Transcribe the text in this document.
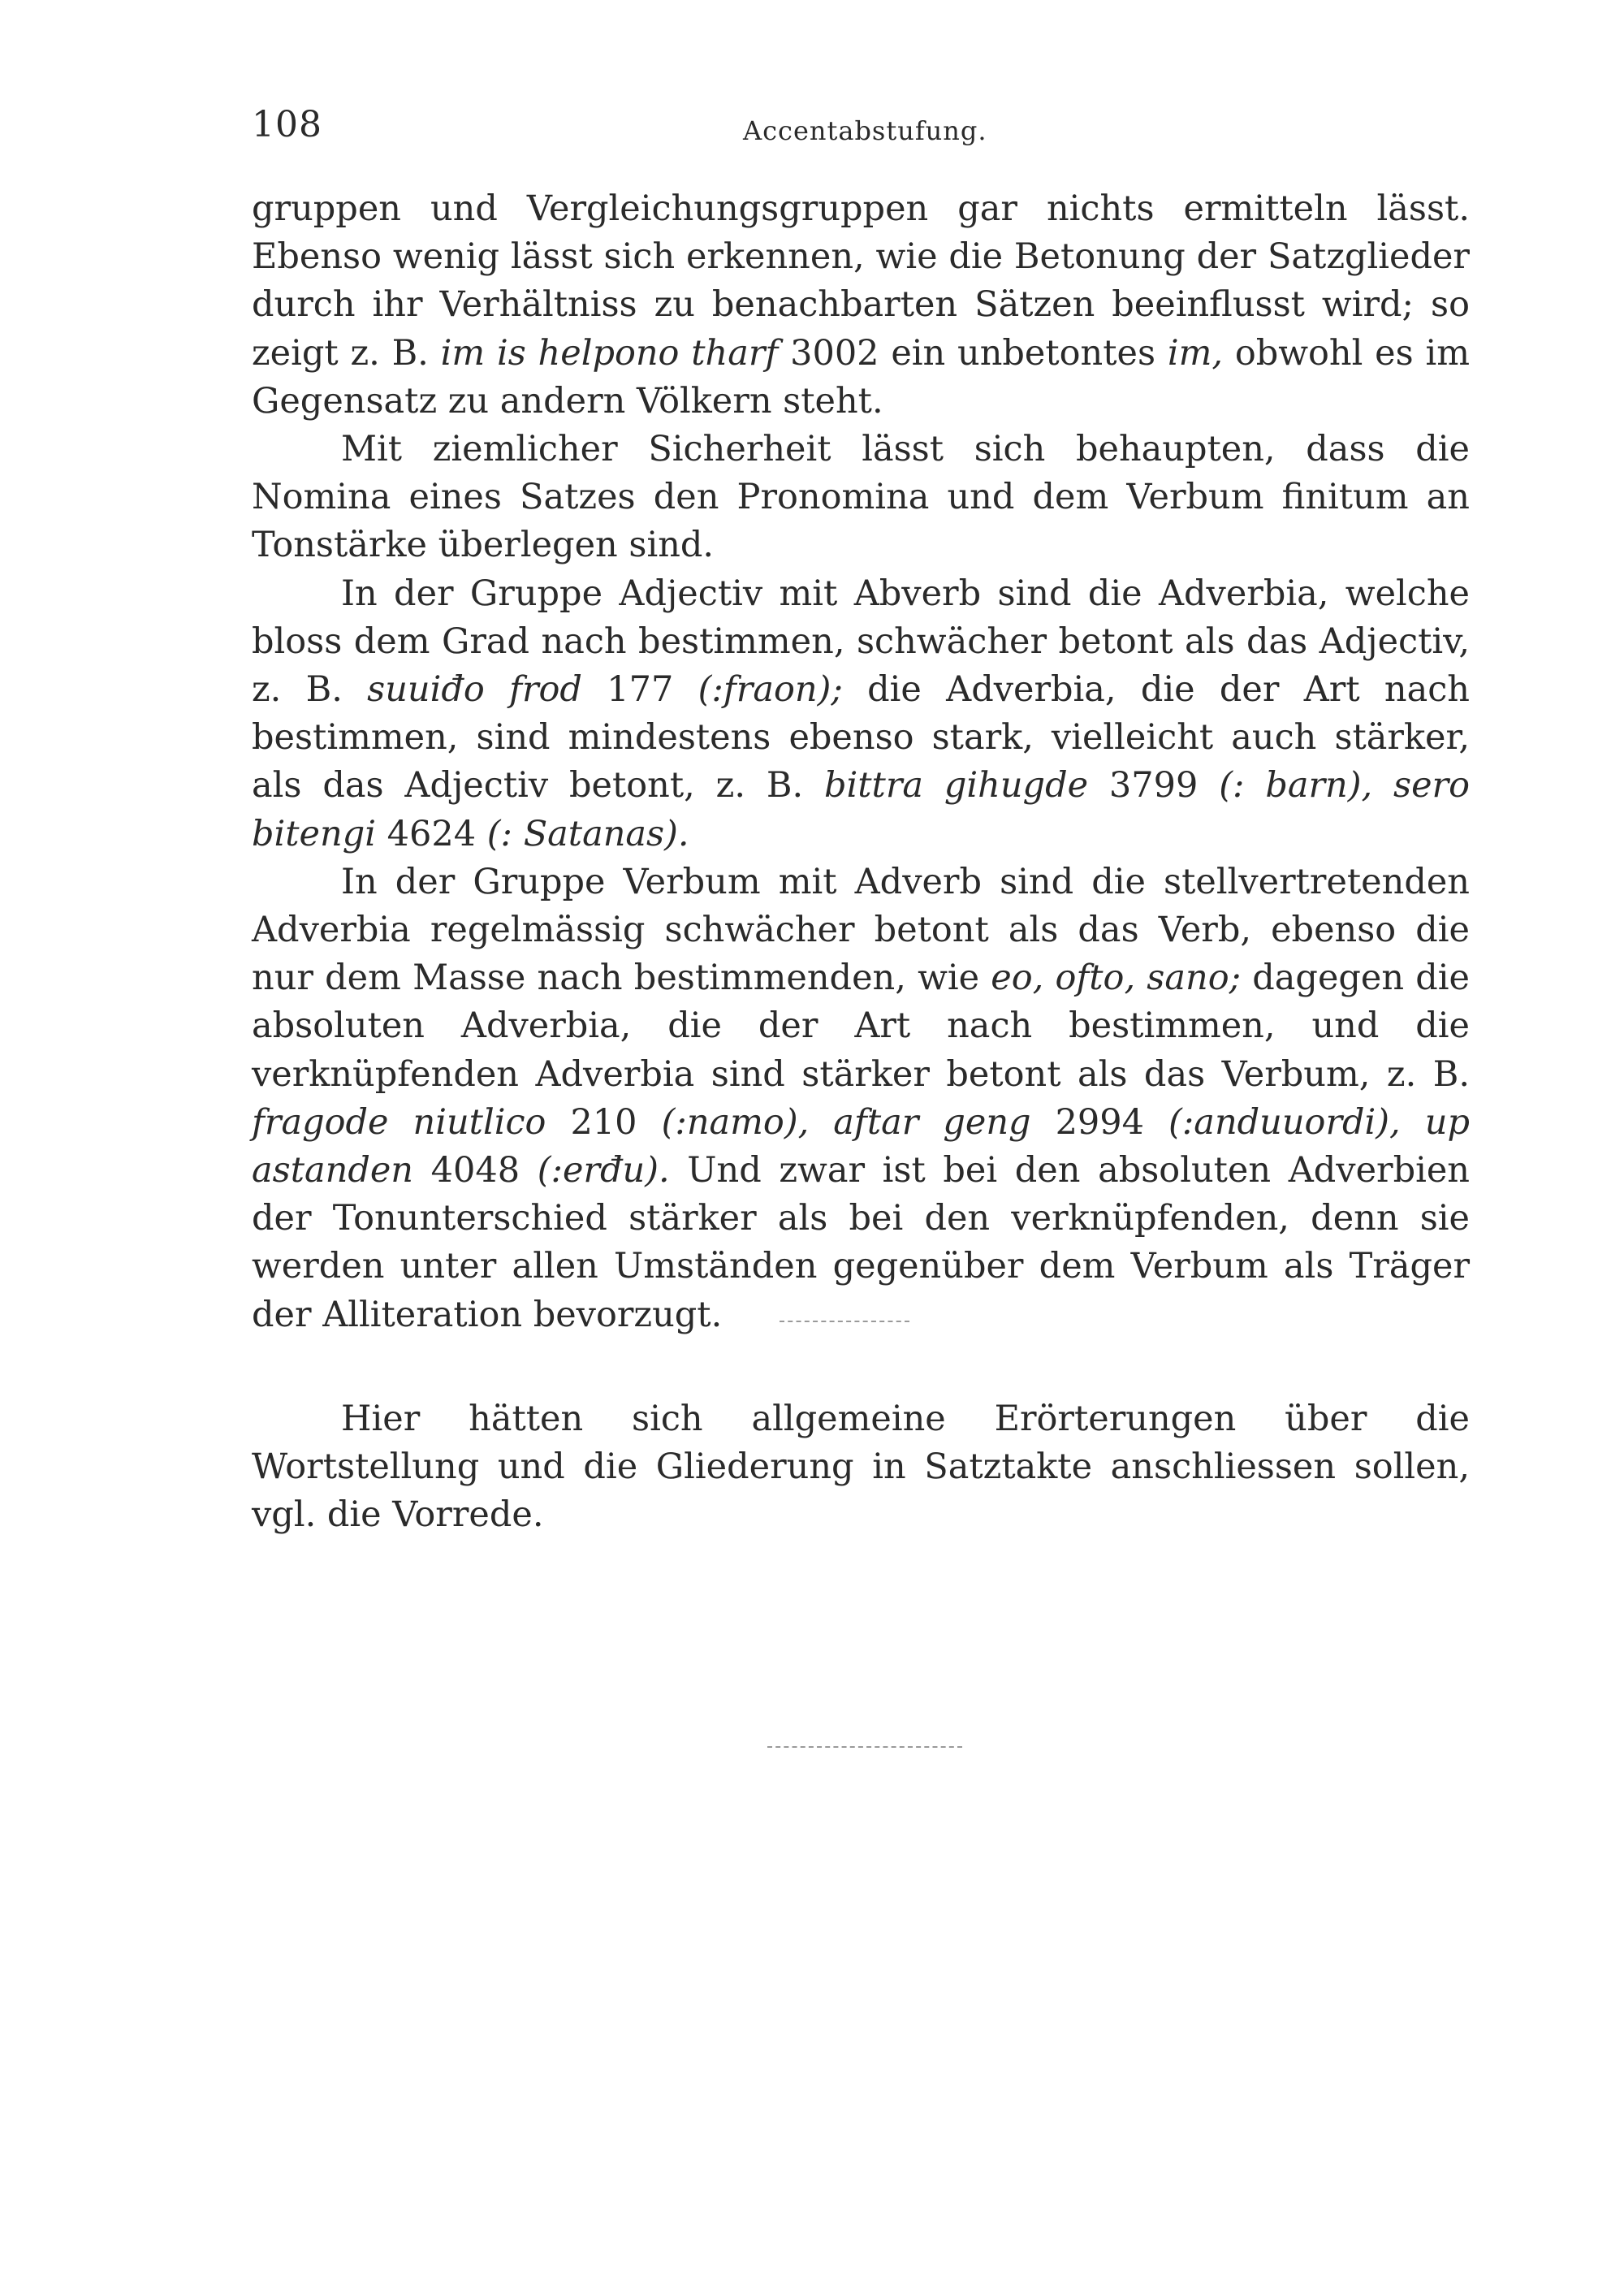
108	Accentabstufung.

gruppen und Vergleichungsgruppen gar nichts ermitteln lässt. Ebenso wenig lässt sich erkennen, wie die Betonung der Satzglieder durch ihr Verhältniss zu benachbarten Sätzen beeinflusst wird; so zeigt z. B. im is helpono tharf 3002 ein unbetontes im, obwohl es im Gegensatz zu andern Völkern steht.

Mit ziemlicher Sicherheit lässt sich behaupten, dass die Nomina eines Satzes den Pronomina und dem Verbum finitum an Tonstärke überlegen sind.

In der Gruppe Adjectiv mit Abverb sind die Adverbia, welche bloss dem Grad nach bestimmen, schwächer betont als das Adjectiv, z. B. suuiđo frod 177 (:fraon); die Adverbia, die der Art nach bestimmen, sind mindestens ebenso stark, vielleicht auch stärker, als das Adjectiv betont, z. B. bittra gihugde 3799 (: barn), sero bitengi 4624 (: Satanas).

In der Gruppe Verbum mit Adverb sind die stellvertretenden Adverbia regelmässig schwächer betont als das Verb, ebenso die nur dem Masse nach bestimmenden, wie eo, ofto, sano; dagegen die absoluten Adverbia, die der Art nach bestimmen, und die verknüpfenden Adverbia sind stärker betont als das Verbum, z. B. fragode niutlico 210 (:namo), aftar geng 2994 (:anduuordi), up astanden 4048 (:erđu). Und zwar ist bei den absoluten Adverbien der Tonunterschied stärker als bei den verknüpfenden, denn sie werden unter allen Umständen gegenüber dem Verbum als Träger der Alliteration bevorzugt.

Hier hätten sich allgemeine Erörterungen über die Wortstellung und die Gliederung in Satztakte anschliessen sollen, vgl. die Vorrede.
